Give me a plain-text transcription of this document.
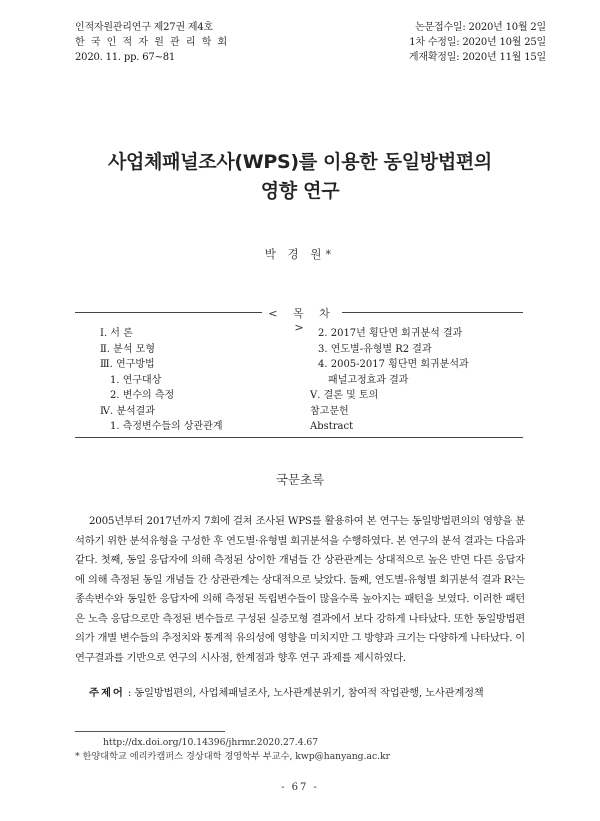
인적자원관리연구 제27권 제4호
한 국 인 적 자 원 관 리 학 회
2020. 11. pp. 67∼81
논문접수일: 2020년 10월 2일
1차 수정일: 2020년 10월 25일
게재확정일: 2020년 11월 15일
사업체패널조사(WPS)를 이용한 동일방법편의
영향 연구
박 경 원*
< 목 차 >
Ⅰ. 서 론
Ⅱ. 분석 모형
Ⅲ. 연구방법
1. 연구대상
2. 변수의 측정
Ⅳ. 분석결과
1. 측정변수들의 상관관계
2. 2017년 횡단면 회귀분석 결과
3. 연도별-유형별 R2 결과
4. 2005-2017 횡단면 회귀분석과
패널고정효과 결과
Ⅴ. 결론 및 토의
참고문헌
Abstract
국문초록
2005년부터 2017년까지 7회에 걸쳐 조사된 WPS를 활용하여 본 연구는 동일방법편의의 영향을 분석하기 위한 분석유형을 구성한 후 연도별·유형별 회귀분석을 수행하였다. 본 연구의 분석 결과는 다음과 같다. 첫째, 동일 응답자에 의해 측정된 상이한 개념들 간 상관관계는 상대적으로 높은 반면 다른 응답자에 의해 측정된 동일 개념들 간 상관관계는 상대적으로 낮았다. 둘째, 연도별-유형별 회귀분석 결과 R²는 종속변수와 동일한 응답자에 의해 측정된 독립변수들이 많을수록 높아지는 패턴을 보였다. 이러한 패턴은 노측 응답으로만 측정된 변수들로 구성된 실증모형 결과에서 보다 강하게 나타났다. 또한 동일방법편의가 개별 변수들의 추정치와 통계적 유의성에 영향을 미치지만 그 방향과 크기는 다양하게 나타났다. 이 연구결과를 기반으로 연구의 시사점, 한계점과 향후 연구 과제를 제시하였다.
주제어 : 동일방법편의, 사업체패널조사, 노사관계분위기, 참여적 작업관행, 노사관계정책
http://dx.doi.org/10.14396/jhrmr.2020.27.4.67
* 한양대학교 에리카캠퍼스 경상대학 경영학부 부교수, kwp@hanyang.ac.kr
- 67 -
